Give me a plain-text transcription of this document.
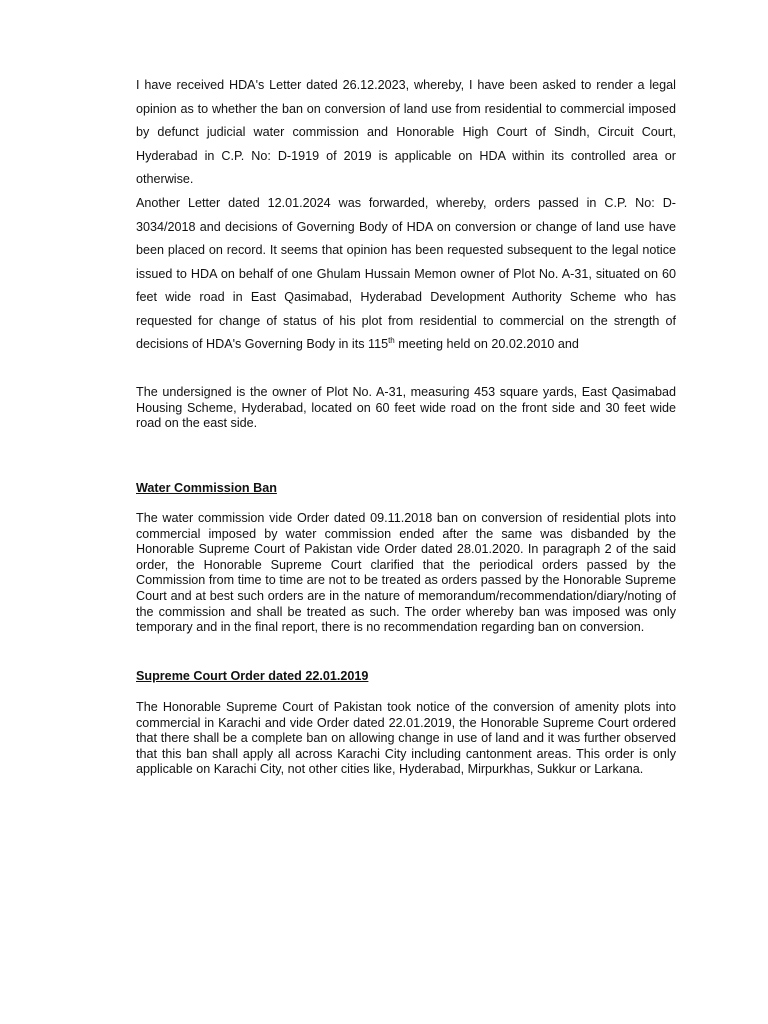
I have received HDA's Letter dated 26.12.2023, whereby, I have been asked to render a legal opinion as to whether the ban on conversion of land use from residential to commercial imposed by defunct judicial water commission and Honorable High Court of Sindh, Circuit Court, Hyderabad in C.P. No: D-1919 of 2019 is applicable on HDA within its controlled area or otherwise.

Another Letter dated 12.01.2024 was forwarded, whereby, orders passed in C.P. No: D-3034/2018 and decisions of Governing Body of HDA on conversion or change of land use have been placed on record. It seems that opinion has been requested subsequent to the legal notice issued to HDA on behalf of one Ghulam Hussain Memon owner of Plot No. A-31, situated on 60 feet wide road in East Qasimabad, Hyderabad Development Authority Scheme who has requested for change of status of his plot from residential to commercial on the strength of decisions of HDA's Governing Body in its 115th meeting held on 20.02.2010 and

The undersigned is the owner of Plot No. A-31, measuring 453 square yards, East Qasimabad Housing Scheme, Hyderabad, located on 60 feet wide road on the front side and 30 feet wide road on the east side.

Water Commission Ban

The water commission vide Order dated 09.11.2018 ban on conversion of residential plots into commercial imposed by water commission ended after the same was disbanded by the Honorable Supreme Court of Pakistan vide Order dated 28.01.2020. In paragraph 2 of the said order, the Honorable Supreme Court clarified that the periodical orders passed by the Commission from time to time are not to be treated as orders passed by the Honorable Supreme Court and at best such orders are in the nature of memorandum/recommendation/diary/noting of the commission and shall be treated as such. The order whereby ban was imposed was only temporary and in the final report, there is no recommendation regarding ban on conversion.

Supreme Court Order dated 22.01.2019

The Honorable Supreme Court of Pakistan took notice of the conversion of amenity plots into commercial in Karachi and vide Order dated 22.01.2019, the Honorable Supreme Court ordered that there shall be a complete ban on allowing change in use of land and it was further observed that this ban shall apply all across Karachi City including cantonment areas. This order is only applicable on Karachi City, not other cities like, Hyderabad, Mirpurkhas, Sukkur or Larkana.
